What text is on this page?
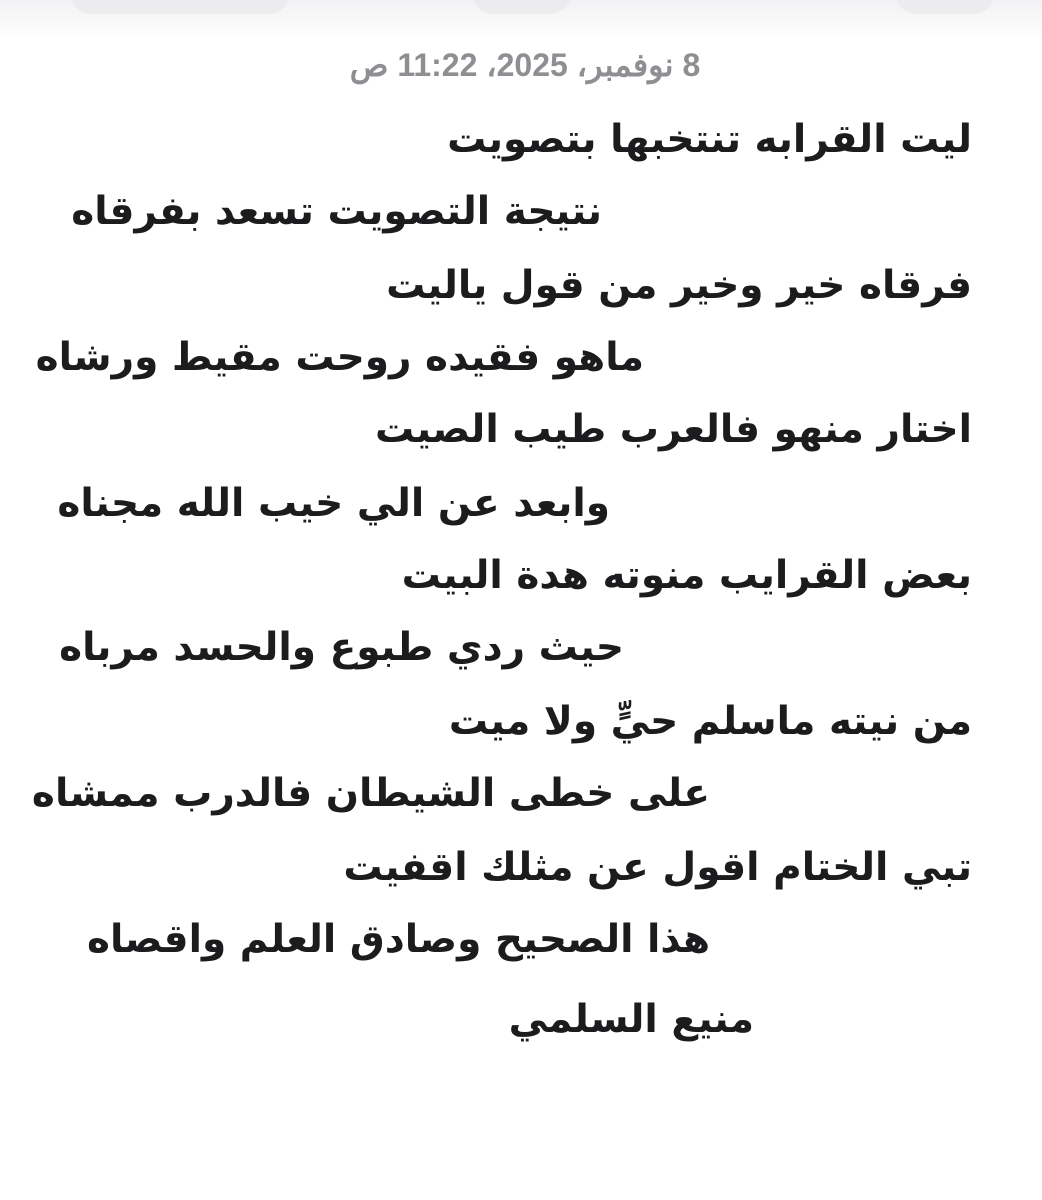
8 نوفمبر، 2025، 11:22 ص
ليت القرابه تنتخبها بتصويت
نتيجة التصويت تسعد بفرقاه
فرقاه خير وخير من قول ياليت
ماهو فقيده روحت مقيط ورشاه
اختار منهو فالعرب طيب الصيت
وابعد عن الي خيب الله مجناه
بعض القرايب منوته هدة البيت
حيث ردي طبوع والحسد مرباه
من نيته ماسلم حيٍّ ولا ميت
على خطى الشيطان فالدرب ممشاه
تبي الختام اقول عن مثلك اقفيت
هذا الصحيح وصادق العلم واقصاه
منيع السلمي
